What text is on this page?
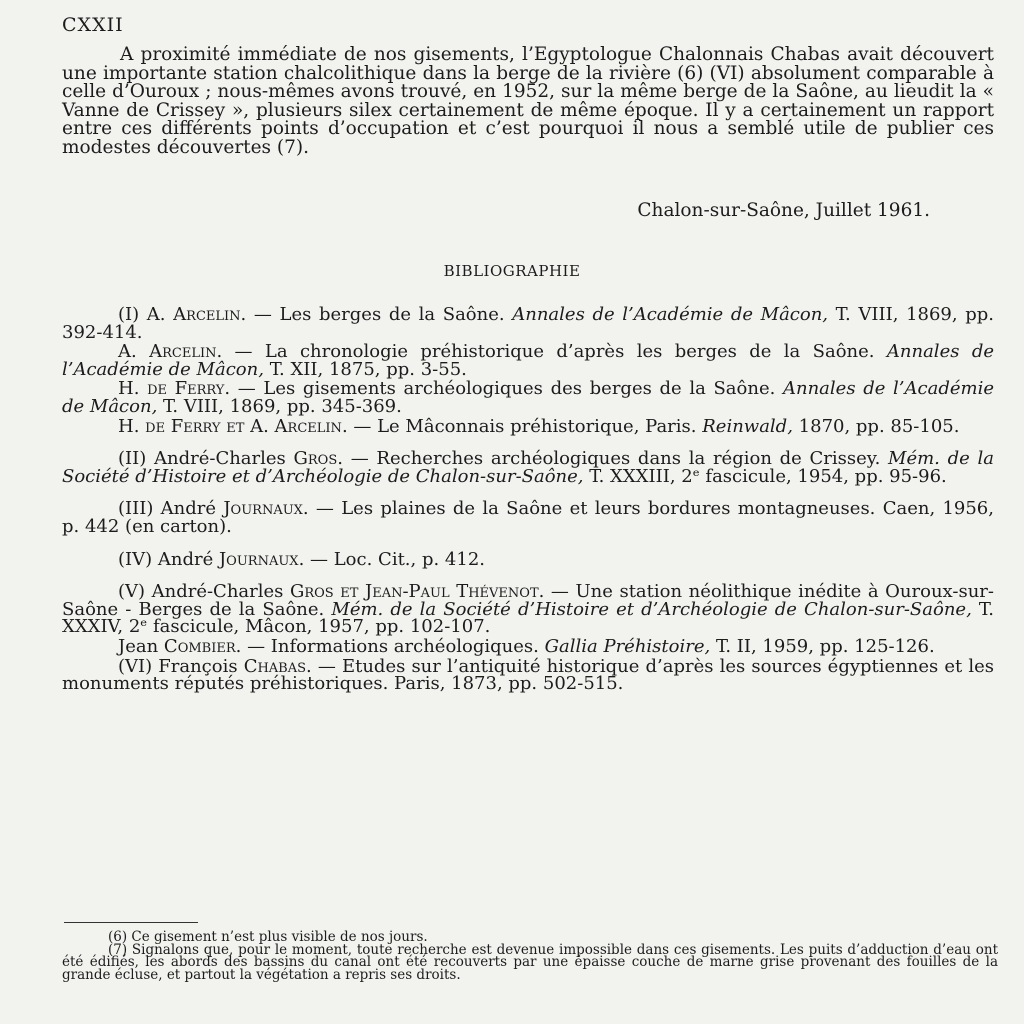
CXXII

A proximité immédiate de nos gisements, l’Egyptologue Chalonnais Chabas avait découvert une importante station chalcolithique dans la berge de la rivière (6) (VI) absolument comparable à celle d’Ouroux ; nous-mêmes avons trouvé, en 1952, sur la même berge de la Saône, au lieudit la « Vanne de Crissey », plusieurs silex certainement de même époque. Il y a certainement un rapport entre ces différents points d’occupation et c’est pourquoi il nous a semblé utile de publier ces modestes découvertes (7).

Chalon-sur-Saône, Juillet 1961.
BIBLIOGRAPHIE

(I) A. Arcelin. — Les berges de la Saône. Annales de l’Académie de Mâcon, T. VIII, 1869, pp. 392-414.

A. Arcelin. — La chronologie préhistorique d’après les berges de la Saône. Annales de l’Académie de Mâcon, T. XII, 1875, pp. 3-55.

H. de Ferry. — Les gisements archéologiques des berges de la Saône. Annales de l’Académie de Mâcon, T. VIII, 1869, pp. 345-369.

H. de Ferry et A. Arcelin. — Le Mâconnais préhistorique, Paris. Reinwald, 1870, pp. 85-105.

(II) André-Charles Gros. — Recherches archéologiques dans la région de Crissey. Mém. de la Société d’Histoire et d’Archéologie de Chalon-sur-Saône, T. XXXIII, 2ᵉ fascicule, 1954, pp. 95-96.

(III) André Journaux. — Les plaines de la Saône et leurs bordures montagneuses. Caen, 1956, p. 442 (en carton).

(IV) André Journaux. — Loc. Cit., p. 412.

(V) André-Charles Gros et Jean-Paul Thévenot. — Une station néolithique inédite à Ouroux-sur-Saône - Berges de la Saône. Mém. de la Société d’Histoire et d’Archéologie de Chalon-sur-Saône, T. XXXIV, 2ᵉ fascicule, Mâcon, 1957, pp. 102-107.

Jean Combier. — Informations archéologiques. Gallia Préhistoire, T. II, 1959, pp. 125-126.

(VI) François Chabas. — Etudes sur l’antiquité historique d’après les sources égyptiennes et les monuments réputés préhistoriques. Paris, 1873, pp. 502-515.

(6) Ce gisement n’est plus visible de nos jours.

(7) Signalons que, pour le moment, toute recherche est devenue impossible dans ces gisements. Les puits d’adduction d’eau ont été édifiés, les abords des bassins du canal ont été recouverts par une épaisse couche de marne grise provenant des fouilles de la grande écluse, et partout la végétation a repris ses droits.
